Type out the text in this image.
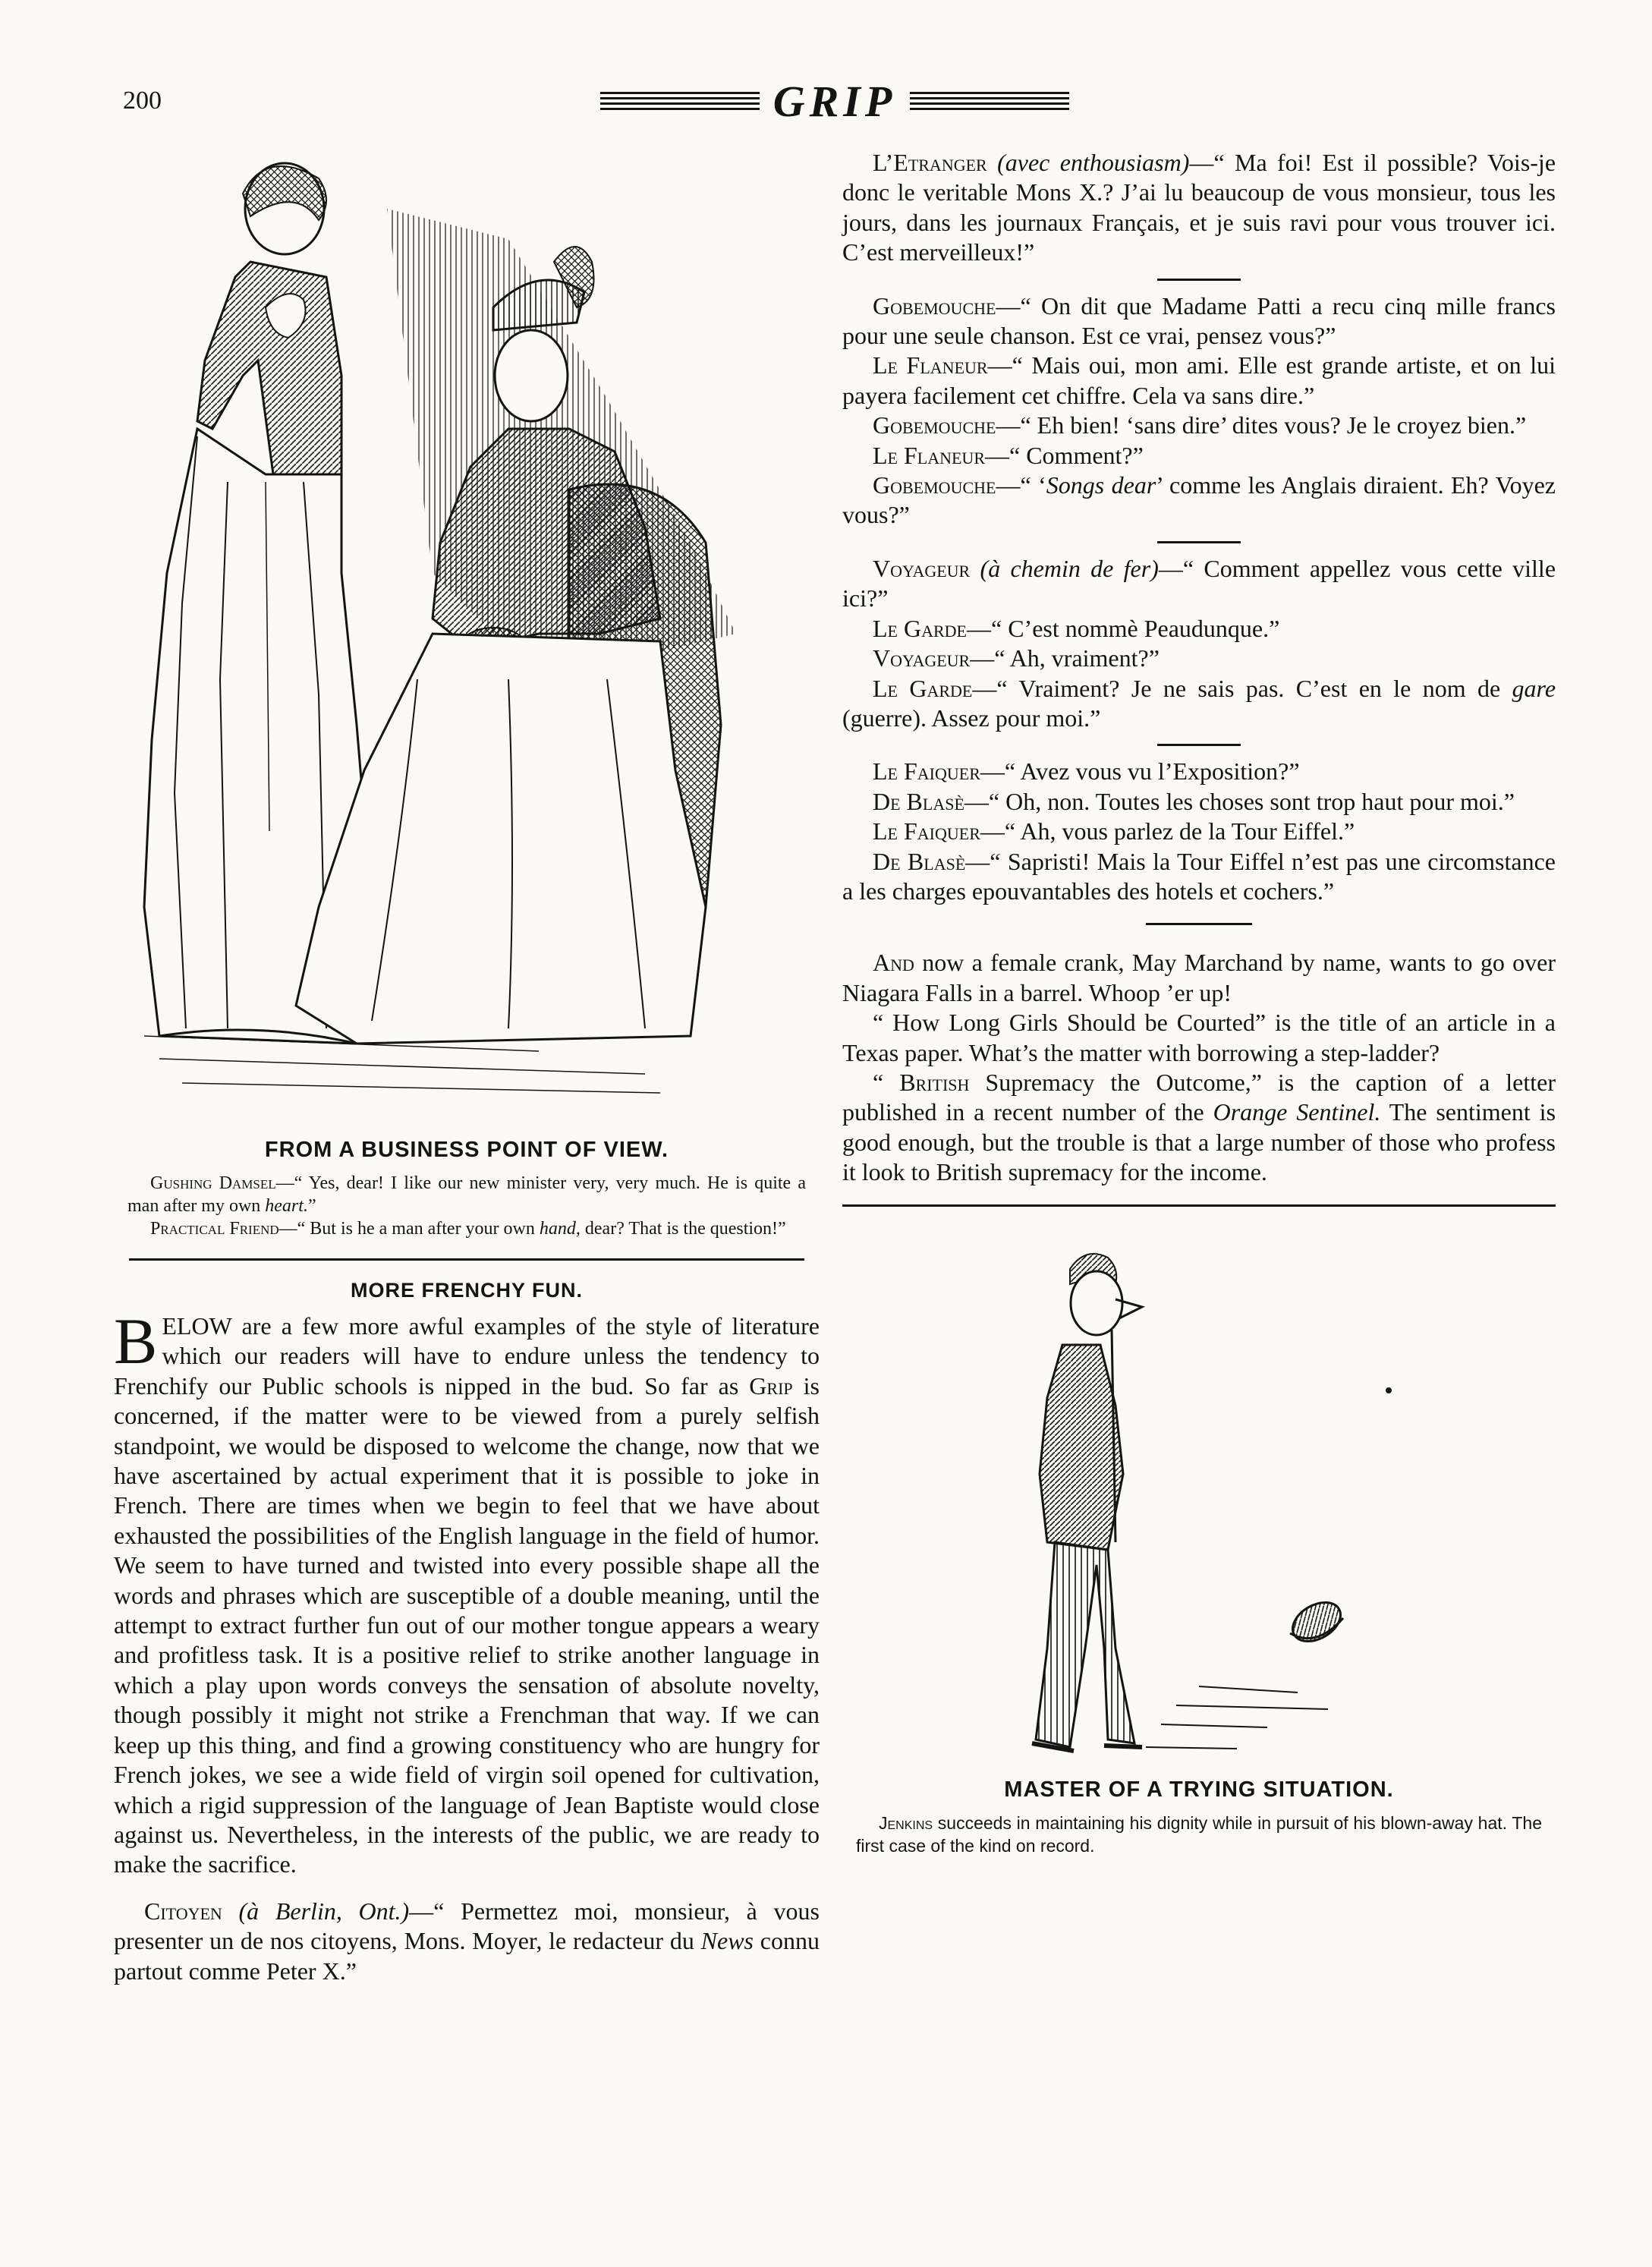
200	GRIP
FROM A BUSINESS POINT OF VIEW.
Gushing Damsel—“ Yes, dear! I like our new minister very, very much. He is quite a man after my own heart.”
Practical Friend—“ But is he a man after your own hand, dear? That is the question!”
MORE FRENCHY FUN.

BELOW are a few more awful examples of the style of literature which our readers will have to endure unless the tendency to Frenchify our Public schools is nipped in the bud. So far as Grip is concerned, if the matter were to be viewed from a purely selfish standpoint, we would be disposed to welcome the change, now that we have ascertained by actual experiment that it is possible to joke in French. There are times when we begin to feel that we have about exhausted the possibilities of the English language in the field of humor. We seem to have turned and twisted into every possible shape all the words and phrases which are susceptible of a double meaning, until the attempt to extract further fun out of our mother tongue appears a weary and profitless task. It is a positive relief to strike another language in which a play upon words conveys the sensation of absolute novelty, though possibly it might not strike a Frenchman that way. If we can keep up this thing, and find a growing constituency who are hungry for French jokes, we see a wide field of virgin soil opened for cultivation, which a rigid suppression of the language of Jean Baptiste would close against us. Nevertheless, in the interests of the public, we are ready to make the sacrifice.

Citoyen (à Berlin, Ont.)—“ Permettez moi, monsieur, à vous presenter un de nos citoyens, Mons. Moyer, le redacteur du News connu partout comme Peter X.”

L’Etranger (avec enthousiasm)—“ Ma foi! Est il possible? Vois-je donc le veritable Mons X.? J’ai lu beaucoup de vous monsieur, tous les jours, dans les journaux Français, et je suis ravi pour vous trouver ici. C’est merveilleux!”

Gobemouche—“ On dit que Madame Patti a recu cinq mille francs pour une seule chanson. Est ce vrai, pensez vous?”

Le Flaneur—“ Mais oui, mon ami. Elle est grande artiste, et on lui payera facilement cet chiffre. Cela va sans dire.”

Gobemouche—“ Eh bien! ‘sans dire’ dites vous? Je le croyez bien.”

Le Flaneur—“ Comment?”

Gobemouche—“ ‘Songs dear’ comme les Anglais diraient. Eh? Voyez vous?”

Voyageur (à chemin de fer)—“ Comment appellez vous cette ville ici?”

Le Garde—“ C’est nommè Peaudunque.”

Voyageur—“ Ah, vraiment?”

Le Garde—“ Vraiment? Je ne sais pas. C’est en le nom de gare (guerre). Assez pour moi.”

Le Faiquer—“ Avez vous vu l’Exposition?”

De Blasè—“ Oh, non. Toutes les choses sont trop haut pour moi.”

Le Faiquer—“ Ah, vous parlez de la Tour Eiffel.”

De Blasè—“ Sapristi! Mais la Tour Eiffel n’est pas une circomstance a les charges epouvantables des hotels et cochers.”

And now a female crank, May Marchand by name, wants to go over Niagara Falls in a barrel. Whoop ’er up!

“ How Long Girls Should be Courted” is the title of an article in a Texas paper. What’s the matter with borrowing a step-ladder?

“ British Supremacy the Outcome,” is the caption of a letter published in a recent number of the Orange Sentinel. The sentiment is good enough, but the trouble is that a large number of those who profess it look to British supremacy for the income.

MASTER OF A TRYING SITUATION.
Jenkins succeeds in maintaining his dignity while in pursuit of his blown-away hat. The first case of the kind on record.
